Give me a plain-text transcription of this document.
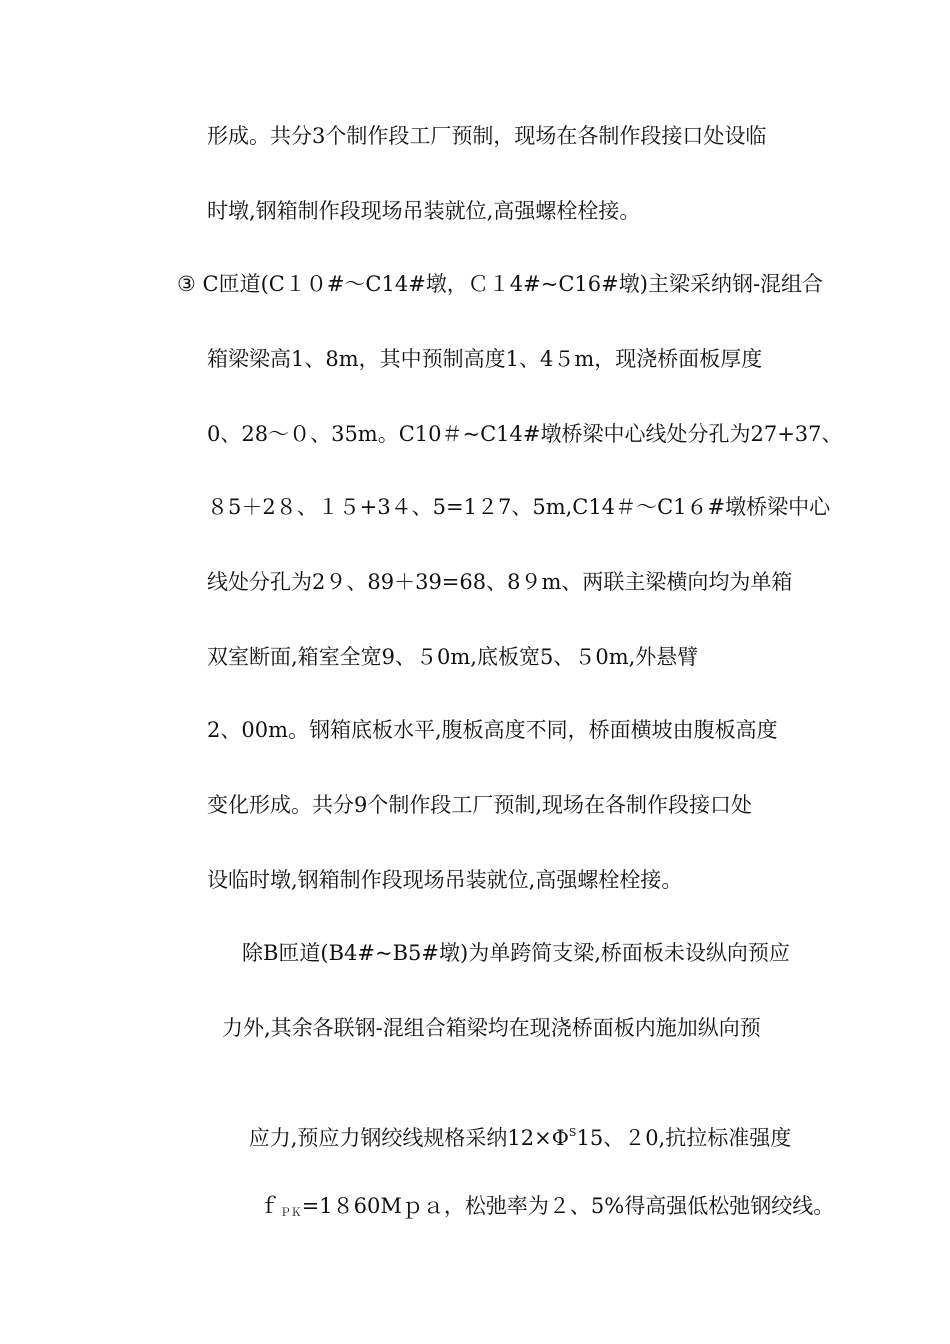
形成。共分3个制作段工厂预制，现场在各制作段接口处设临
时墩,钢箱制作段现场吊装就位,高强螺栓栓接。
③ C匝道(C１０#～C14#墩，Ｃ１4#~C16#墩)主梁采纳钢-混组合
箱梁梁高1、8m，其中预制高度1、4５m，现浇桥面板厚度
0、28～０、35m。C10＃~C14#墩桥梁中心线处分孔为27+37、
８5＋2８、１５+3４、5=1２7、5m,C14＃～C1６#墩桥梁中心
线处分孔为2９、89＋39=68、8９m、两联主梁横向均为单箱
双室断面,箱室全宽9、５0m,底板宽5、５0m,外悬臂
2、00m。钢箱底板水平,腹板高度不同，桥面横坡由腹板高度
变化形成。共分9个制作段工厂预制,现场在各制作段接口处
设临时墩,钢箱制作段现场吊装就位,高强螺栓栓接。
除B匝道(B4#~B5#墩)为单跨简支梁,桥面板未设纵向预应
力外,其余各联钢-混组合箱梁均在现浇桥面板内施加纵向预

应力,预应力钢绞线规格采纳$12\times\Phi^S15$、２0,抗拉标准强度

ｆ$_{PK}$=1８60Mｐａ，松弛率为２、5%得高强低松弛钢绞线。
